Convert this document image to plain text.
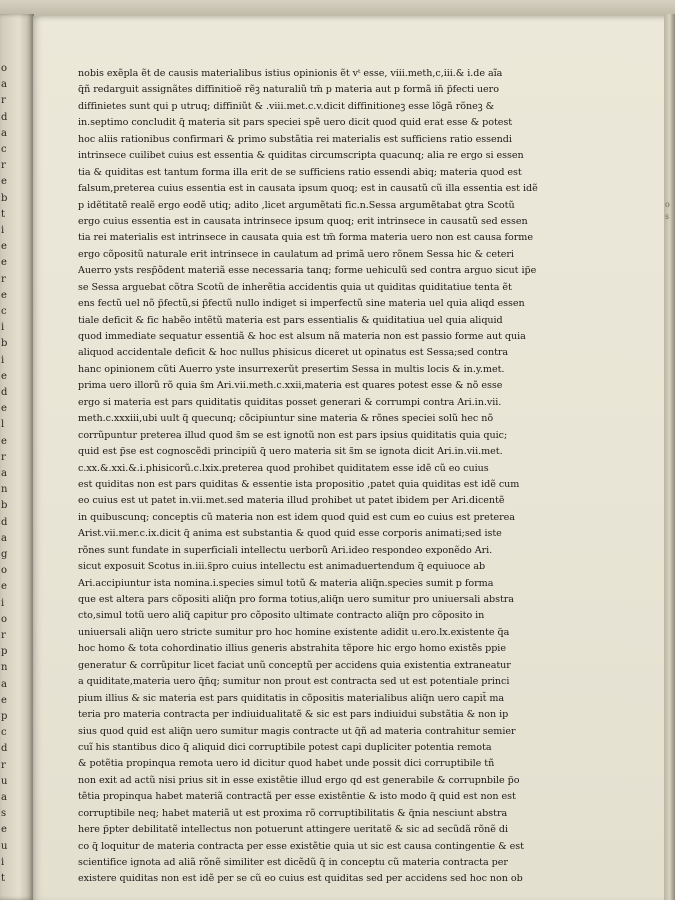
o
a
r
d
a
c
r
e
b
t
i
e
e
r
e
c
i
b
i
e
d
e
l
e
r
a
n
b
d
a
g
o
e
i
o
r
p
n
a
e
p
c
d
r
u
a
s
e
u
i
t
o
s
nobis exẽpla ẽt de causis materialibus istius opinionis ẽt vᵗ esse, viii.meth,c,iii.& i.de aĩa
q̃ñ redarguit assignãtes diffinitioẽ rẽꝫ naturaliũ tm̃ p materia aut p formã in̄ p̃fecti uero
diffinietes sunt qui p utruq; diffiniũt & .viii.met.c.v.dicit diffinitioneꝫ esse lõgã rõneꝫ &
in.septimo concludit q̃ materia sit pars speciei spẽ uero dicit quod quid erat esse & potest
hoc aliis rationibus confirmari & primo substãtia rei materialis est sufficiens ratio essendi
intrinsece cuilibet cuius est essentia & quiditas circumscripta quacunq; alia re ergo si essen
tia & quiditas est tantum forma illa erit de se sufficiens ratio essendi abiq; materia quod est
falsum,preterea cuius essentia est in causata ipsum quoq; est in causatũ cũ illa essentia est idẽ
p idẽtitatẽ realẽ ergo eodẽ utiq; adito ,licet argumẽtati fic.n.Sessa argumẽtabat ꝯtra Scotũ
ergo cuius essentia est in causata intrinsece ipsum quoq; erit intrinsece in causatũ sed essen
tia rei materialis est intrinsece in causata quia est tm̃ forma materia uero non est causa forme
ergo cõpositũ naturale erit intrinsece in caulatum ad primã uero rõnem Sessa hic & ceteri
Auerro ysts resp̃õdent materiã esse necessaria tanq; forme uehiculũ sed contra arguo sicut ip̃e
se Sessa arguebat cõtra Scotũ de inherẽtia accidentis quia ut quiditas quiditatiue tenta ẽt
ens fectũ uel nõ p̃fectũ,si p̃fectũ nullo indiget si imperfectũ sine materia uel quia aliqd essen
tiale deficit & fic habẽo intẽtũ materia est pars essentialis & quiditatiua uel quia aliquid
quod immediate sequatur essentiã & hoc est alsum nã materia non est passio forme aut quia
aliquod accidentale deficit & hoc nullus phisicus diceret ut opinatus est Sessa;sed contra
hanc opinionem cũti Auerro yste insurrexerũt presertim Sessa in multis locis & in.y.met.
prima uero illorũ rõ quia s̃m Ari.vii.meth.c.xxii,materia est quares potest esse & nõ esse
ergo si materia est pars quiditatis quiditas posset generari & corrumpi contra Ari.in.vii.
meth.c.xxxiii,ubi uult q̃ quecunq; cõcipiuntur sine materia & rõnes speciei solũ hec nõ
corrũpuntur preterea illud quod s̃m se est ignotũ non est pars ipsius quiditatis quia quic;
quid est p̃se est cognoscẽdi principiũ q̃ uero materia sit s̃m se ignota dicit Ari.in.vii.met.
c.xx.&.xxi.&.i.phisicorũ.c.lxix.preterea quod prohibet quiditatem esse idẽ cũ eo cuius
est quiditas non est pars quiditas & essentie ista propositio ,patet quia quiditas est idẽ cum
eo cuius est ut patet in.vii.met.sed materia illud prohibet ut patet ibidem per Ari.dicentẽ
in quibuscunq; conceptis cũ materia non est idem quod quid est cum eo cuius est preterea
Arist.vii.mer.c.ix.dicit q̃ anima est substantia & quod quid esse corporis animati;sed iste
rõnes sunt fundate in superficiali intellectu uerborũ Ari.ideo respondeo exponẽdo Ari.
sicut exposuit Scotus in.iii.s̃pro cuius intellectu est animaduertendum q̃ equiuoce ab
Ari.accipiuntur ista nomina.i.species simul totũ & materia aliq̃n.species sumit p forma
que est altera pars cõpositi aliq̃n pro forma totius,aliq̃n uero sumitur pro uniuersali abstra
cto,simul totũ uero aliq̃ capitur pro cõposito ultimate contracto aliq̃n pro cõposito in
uniuersali aliq̃n uero stricte sumitur pro hoc homine existente adidit u.ero.lx.existente q̃a
hoc homo & tota cohordinatio illius generis abstrahita tẽpore hic ergo homo existẽs ppie
generatur & corrũpitur licet faciat unũ conceptũ per accidens quia existentia extraneatur
a quiditate,materia uero q̃n̄q; sumitur non prout est contracta sed ut est potentiale princi
pium illius & sic materia est pars quiditatis in cõpositis materialibus aliq̃n uero capit̄ ma
teria pro materia contracta per indiuidualitatẽ & sic est pars indiuidui substãtia & non ip
sius quod quid est aliq̃n uero sumitur magis contracte ut q̃ñ ad materia contrahitur semier
cuĩ his stantibus dico q̃ aliquid dici corruptibile potest capi dupliciter potentia remota
& potẽtia propinqua remota uero id dicitur quod habet unde possit dici corruptibile tñ
non exit ad actũ nisi prius sit in esse existẽtie illud ergo qd est generabile & corrupnbile p̃o
tẽtia propinqua habet materiã contractã per esse existẽntie & isto modo q̃ quid est non est
corruptibile neq; habet materiã ut est proxima rõ corruptibilitatis & q̃nia nesciunt abstra
here p̃pter debilitatẽ intellectus non potuerunt attingere ueritatẽ & sic ad secũdã rõnẽ di
co q̃ loquitur de materia contracta per esse existẽtie quia ut sic est causa contingentie & est
scientifice ignota ad aliã rõnẽ similiter est dicẽdũ q̃ in conceptu cũ materia contracta per
existere quiditas non est idẽ per se cũ eo cuius est quiditas sed per accidens sed hoc non ob
